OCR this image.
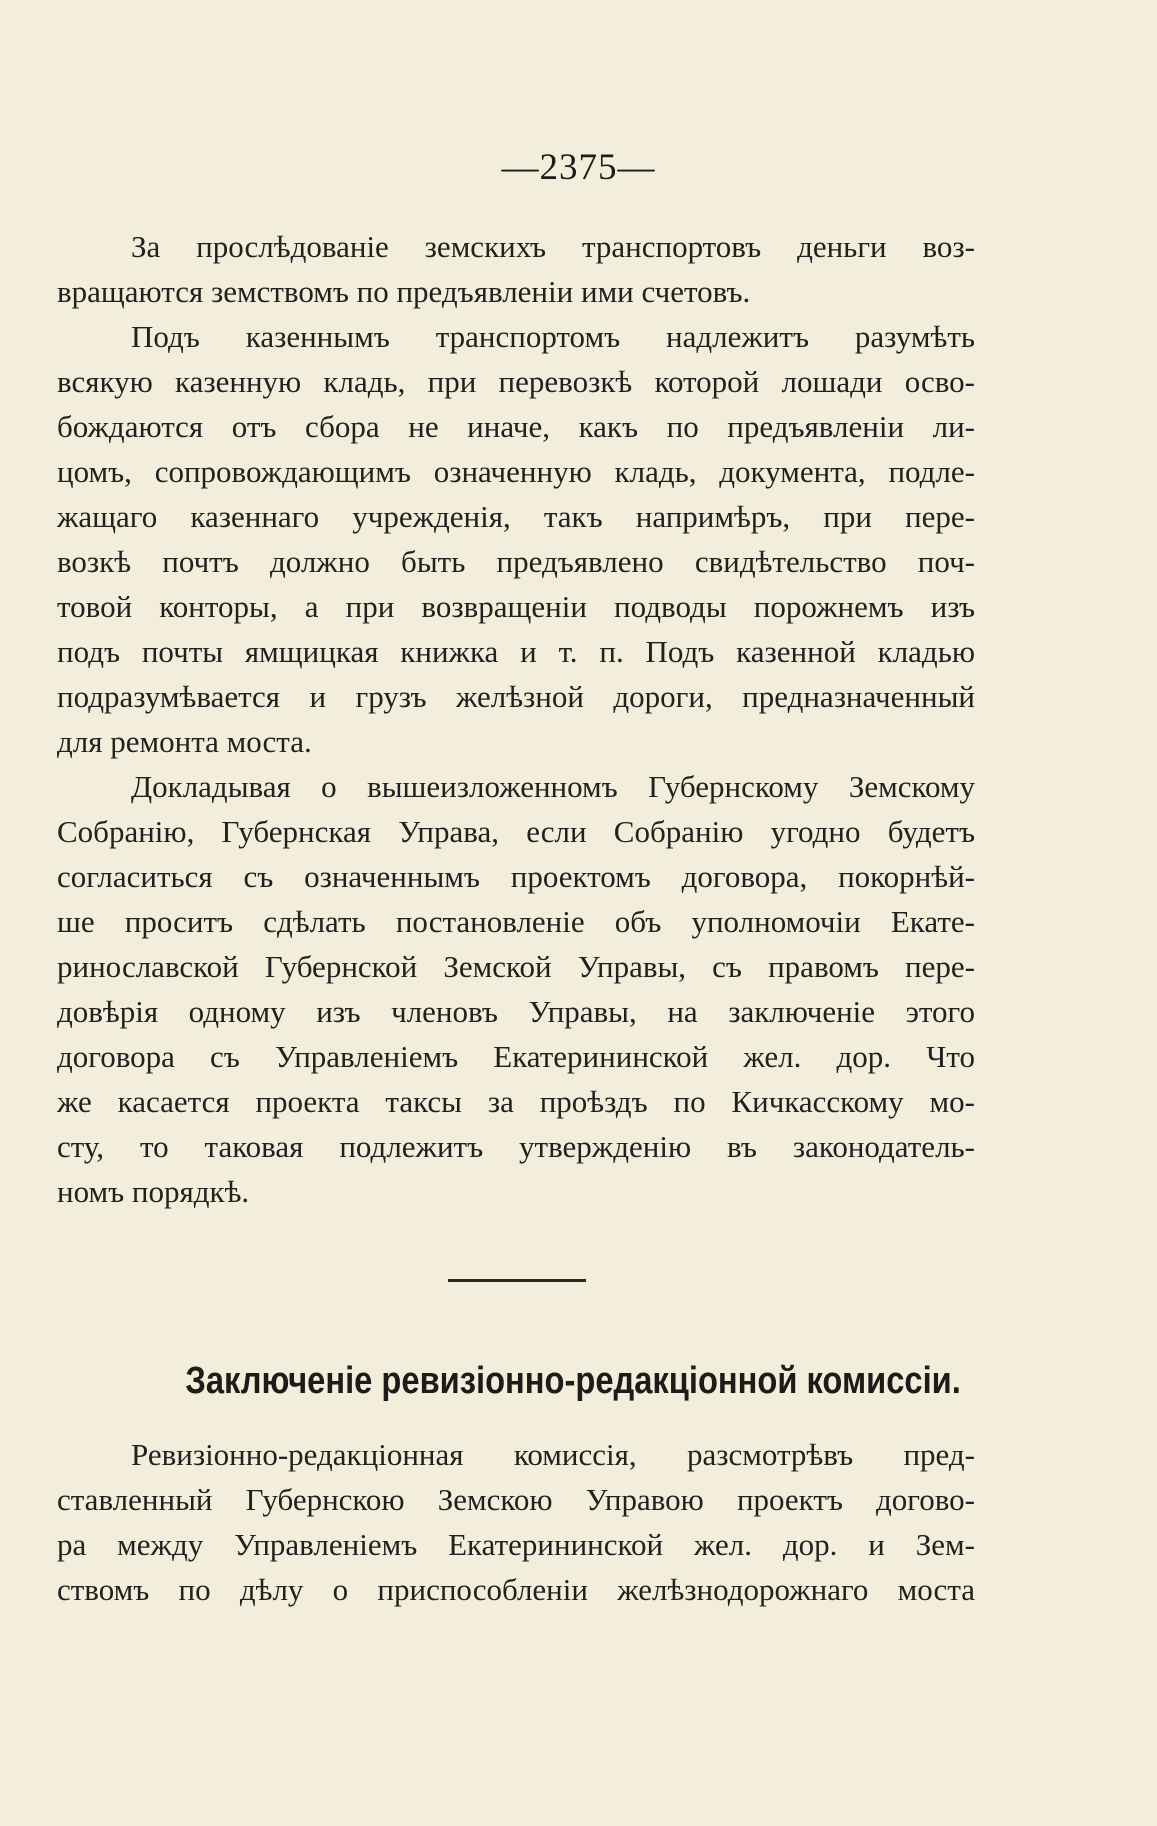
—2375—
За прослѣдованіе земскихъ транспортовъ деньги воз-
вращаются земствомъ по предъявленіи ими счетовъ.
Подъ казеннымъ транспортомъ надлежитъ разумѣть
всякую казенную кладь, при перевозкѣ которой лошади осво-
бождаются отъ сбора не иначе, какъ по предъявленіи ли-
цомъ, сопровождающимъ означенную кладь, документа, подле-
жащаго казеннаго учрежденія, такъ напримѣръ, при пере-
возкѣ почтъ должно быть предъявлено свидѣтельство поч-
товой конторы, а при возвращеніи подводы порожнемъ изъ
подъ почты ямщицкая книжка и т. п. Подъ казенной кладью
подразумѣвается и грузъ желѣзной дороги, предназначенный
для ремонта моста.
Докладывая о вышеизложенномъ Губернскому Земскому
Собранію, Губернская Управа, если Собранію угодно будетъ
согласиться съ означеннымъ проектомъ договора, покорнѣй-
ше проситъ сдѣлать постановленіе объ уполномочіи Екате-
ринославской Губернской Земской Управы, съ правомъ пере-
довѣрія одному изъ членовъ Управы, на заключеніе этого
договора съ Управленіемъ Екатерининской жел. дор. Что
же касается проекта таксы за проѣздъ по Кичкасскому мо-
сту, то таковая подлежитъ утвержденію въ законодатель-
номъ порядкѣ.
Заключеніе ревизіонно-редакціонной комиссіи.
Ревизіонно-редакціонная комиссія, разсмотрѣвъ пред-
ставленный Губернскою Земскою Управою проектъ догово-
ра между Управленіемъ Екатерининской жел. дор. и Зем-
ствомъ по дѣлу о приспособленіи желѣзнодорожнаго моста
